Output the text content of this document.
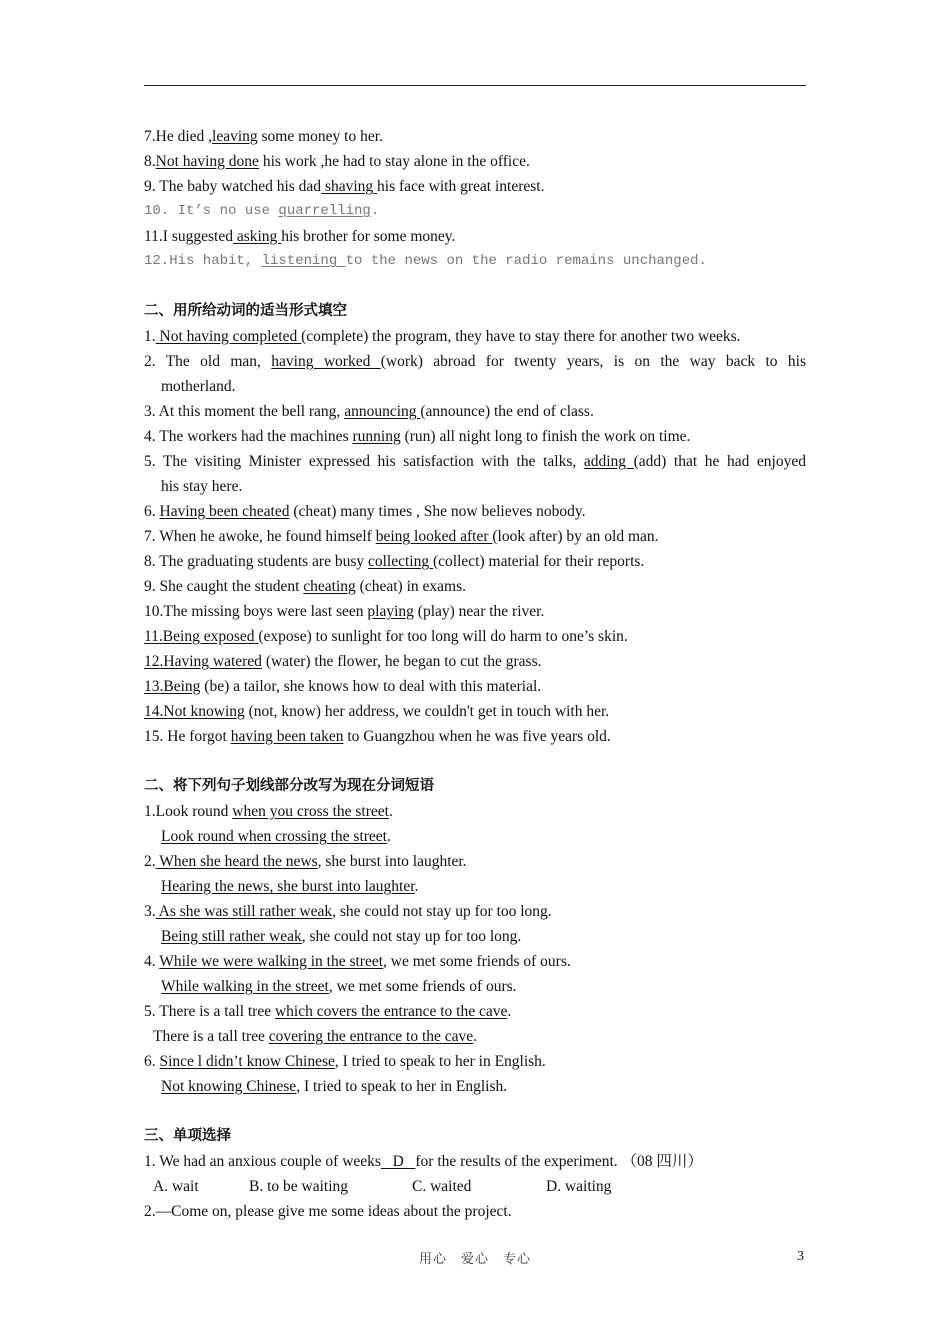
7.He died ,leaving some money to her.
8.Not having done his work ,he had to stay alone in the office.
9. The baby watched his dad shaving his face with great interest.
10. It’s no use quarrelling.
11.I suggested asking his brother for some money.
12.His habit, listening to the news on the radio remains unchanged.
二、用所给动词的适当形式填空
1. Not having completed (complete) the program, they have to stay there for another two weeks.
2. The old man, having worked (work) abroad for twenty years, is on the way back to his
motherland.
3. At this moment the bell rang, announcing (announce) the end of class.
4. The workers had the machines running (run) all night long to finish the work on time.
5. The visiting Minister expressed his satisfaction with the talks, adding (add) that he had enjoyed
his stay here.
6. Having been cheated (cheat) many times , She now believes nobody.
7. When he awoke, he found himself being looked after (look after) by an old man.
8. The graduating students are busy collecting (collect) material for their reports.
9. She caught the student cheating (cheat) in exams.
10.The missing boys were last seen playing (play) near the river.
11.Being exposed (expose) to sunlight for too long will do harm to one’s skin.
12.Having watered (water) the flower, he began to cut the grass.
13.Being (be) a tailor, she knows how to deal with this material.
14.Not knowing (not, know) her address, we couldn't get in touch with her.
15. He forgot having been taken to Guangzhou when he was five years old.
二、将下列句子划线部分改写为现在分词短语
1.Look round when you cross the street.
Look round when crossing the street.
2. When she heard the news, she burst into laughter.
Hearing the news, she burst into laughter.
3. As she was still rather weak, she could not stay up for too long.
Being still rather weak, she could not stay up for too long.
4. While we were walking in the street, we met some friends of ours.
While walking in the street, we met some friends of ours.
5. There is a tall tree which covers the entrance to the cave.
There is a tall tree covering the entrance to the cave.
6. Since l didn’t know Chinese, I tried to speak to her in English.
Not knowing Chinese, I tried to speak to her in English.
三、单项选择
1. We had an anxious couple of weeks   D   for the results of the experiment. （08 四川）
A. wait	B. to be waiting	C. waited	D. waiting
2.—Come on, please give me some ideas about the project.
用心　爱心　专心	3
